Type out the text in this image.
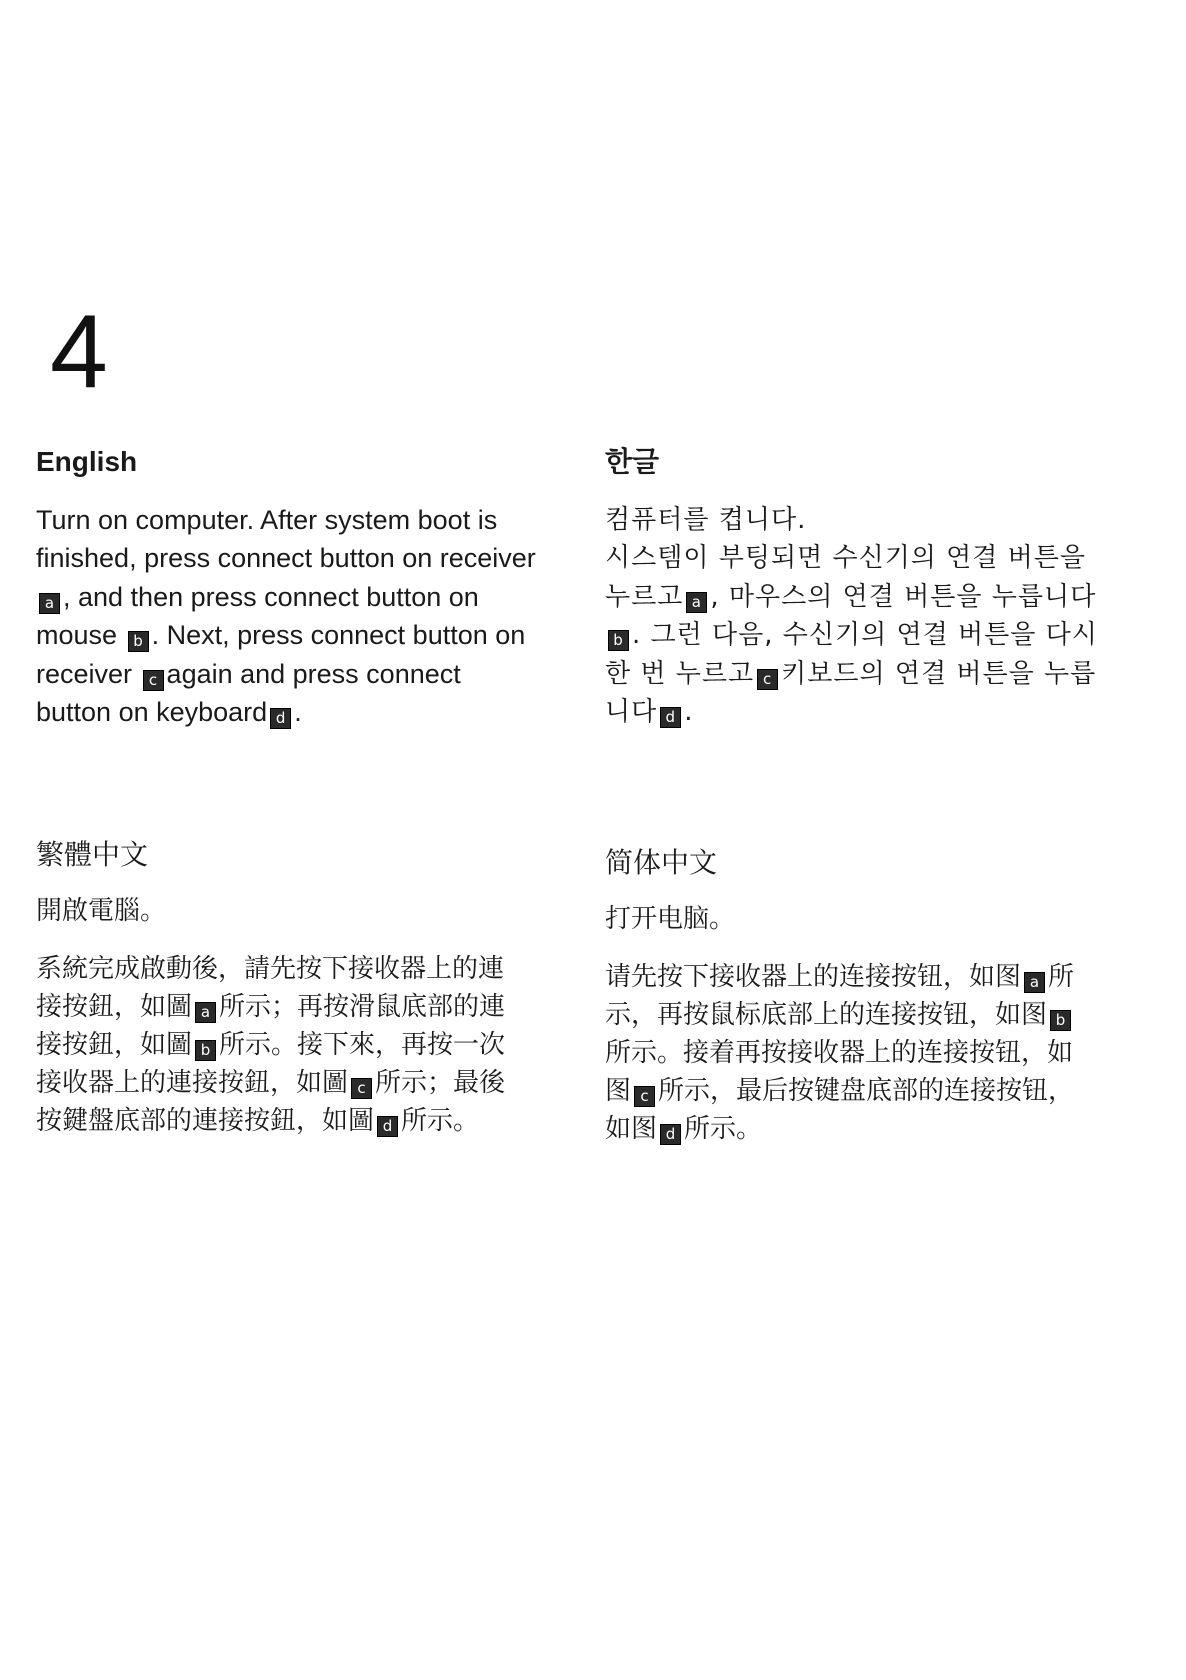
4
English

Turn on computer. After system boot is
finished, press connect button on receiver
a , and then press connect button on
mouse b . Next, press connect button on
receiver c again and press connect
button on keyboard d .

한글

컴퓨터를 켭니다.
시스템이 부팅되면 수신기의 연결 버튼을
누르고 a , 마우스의 연결 버튼을 누릅니다
b . 그런 다음, 수신기의 연결 버튼을 다시
한 번 누르고 c 키보드의 연결 버튼을 누릅
니다 d .

繁體中文

開啟電腦。

系統完成啟動後，請先按下接收器上的連
接按鈕，如圖 a 所示；再按滑鼠底部的連
接按鈕，如圖 b 所示。接下來，再按一次
接收器上的連接按鈕，如圖 c 所示；最後
按鍵盤底部的連接按鈕，如圖 d 所示。

简体中文

打开电脑。

请先按下接收器上的连接按钮，如图 a 所
示，再按鼠标底部上的连接按钮，如图 b
所示。接着再按接收器上的连接按钮，如
图 c 所示，最后按键盘底部的连接按钮，
如图 d 所示。
